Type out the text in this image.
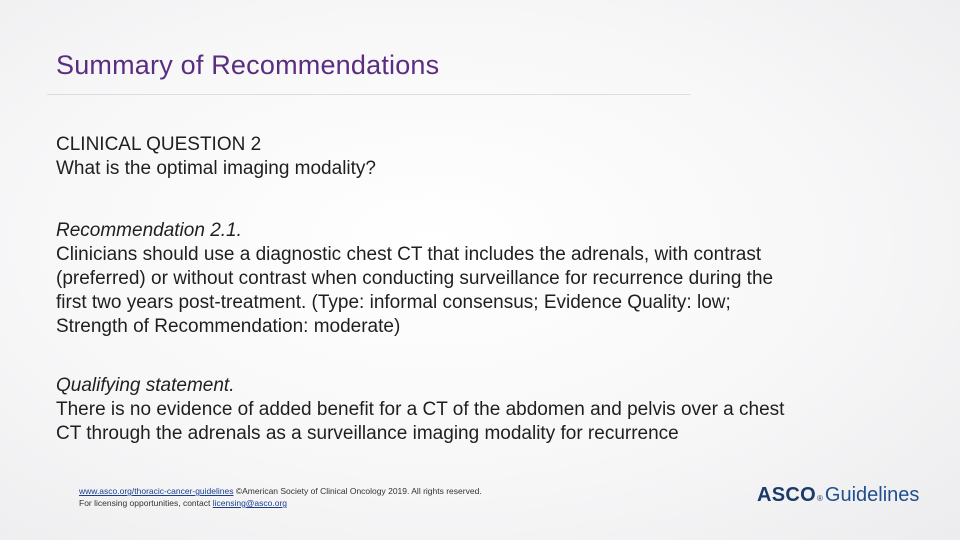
Summary of Recommendations
CLINICAL QUESTION 2
What is the optimal imaging modality?
Recommendation 2.1.
Clinicians should use a diagnostic chest CT that includes the adrenals, with contrast
(preferred) or without contrast when conducting surveillance for recurrence during the
first two years post-treatment. (Type: informal consensus; Evidence Quality: low;
Strength of Recommendation: moderate)
Qualifying statement.
There is no evidence of added benefit for a CT of the abdomen and pelvis over a chest
CT through the adrenals as a surveillance imaging modality for recurrence
www.asco.org/thoracic-cancer-guidelines ©American Society of Clinical Oncology 2019. All rights reserved.
For licensing opportunities, contact licensing@asco.org	ASCO ® Guidelines
